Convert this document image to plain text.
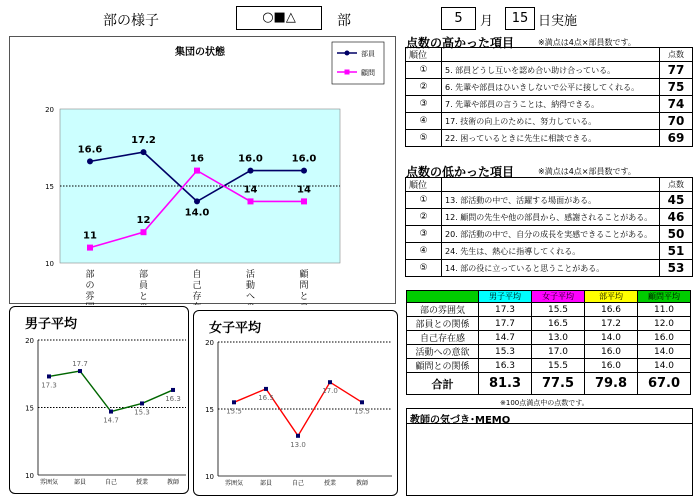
部の様子	○■△	部	5	月	15 日実施
集団の状態
20
15
10
部の雰
部員と
自己存
活動へ
顧問と
16.6
17.2
14.0
16.0	16.0
11
12
16
14	14
部員
顧問
男子平均
20
15
10
雰囲気	部員	自己	授業	教師
17.3
17.7
14.7
15.3
16.3
女子平均
20
15
10
雰囲気	部員	自己	授業	教師
15.5
16.5
13.0
17.0
15.5
点数の高かった項目	※満点は4点×部員数です。
順位		点数
①	5. 部員どうし互いを認め合い助け合っている。	77
②	6. 先輩や部員はひいきしないで公平に接してくれる。	75
③	7. 先輩や部員の言うことは、納得できる。	74
④	17. 技術の向上のために、努力している。	70
⑤	22. 困っているときに先生に相談できる。	69
点数の低かった項目	※満点は4点×部員数です。
順位		点数
①	13. 部活動の中で、活躍する場面がある。	45
②	12. 顧問の先生や他の部員から、感謝されることがある。	46
③	20. 部活動の中で、自分の成長を実感できることがある。	50
④	24. 先生は、熱心に指導してくれる。	51
⑤	14. 部の役に立っていると思うことがある。	53
	男子平均	女子平均	部平均	顧問平均
部の雰囲気	17.3	15.5	16.6	11.0
部員との関係	17.7	16.5	17.2	12.0
自己存在感	14.7	13.0	14.0	16.0
活動への意欲	15.3	17.0	16.0	14.0
顧問との関係	16.3	15.5	16.0	14.0
合計	81.3	77.5	79.8	67.0
※100点満点中の点数です。
教師の気づき･MEMO
